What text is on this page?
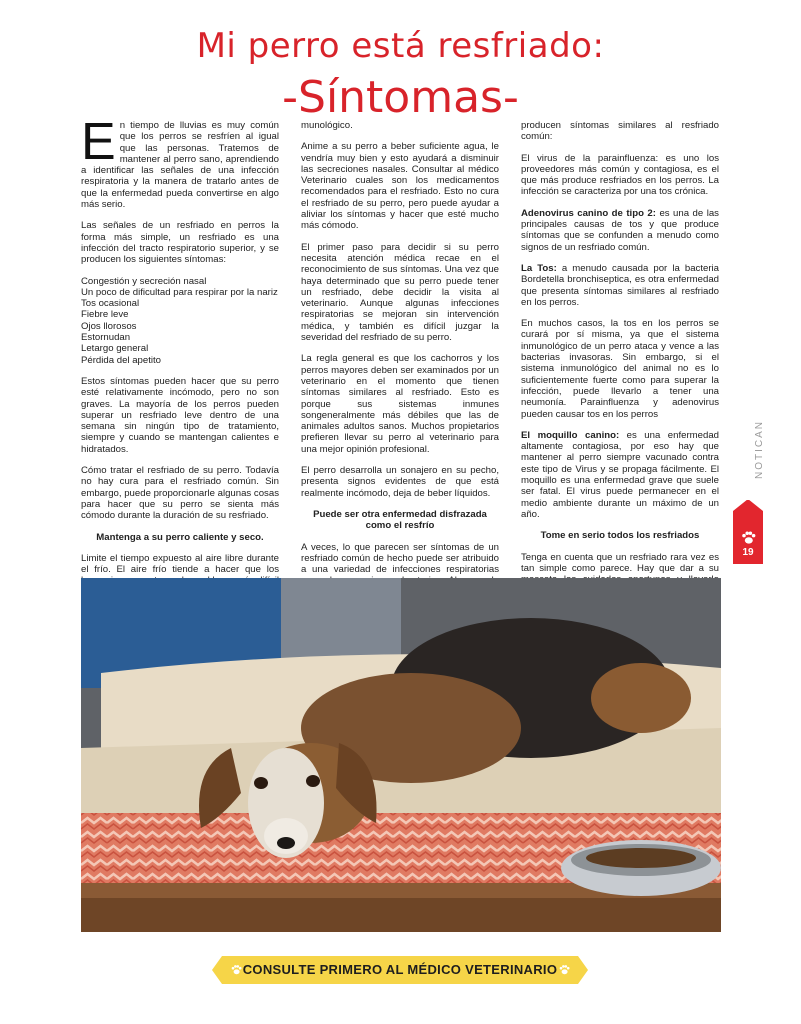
Mi perro está resfriado:
-Síntomas-

En tiempo de lluvias es muy común que los perros se resfríen al igual que las personas. Tratemos de mantener al perro sano, aprendiendo a identificar las señales de una infección respiratoria y la manera de tratarlo antes de que la enfermedad pueda convertirse en algo más serio.

Las señales de un resfriado en perros la forma más simple, un resfriado es una infección del tracto respiratorio superior, y se producen los siguientes síntomas:

Congestión y secreción nasal
Un poco de dificultad para respirar por la nariz
Tos ocasional
Fiebre leve
Ojos llorosos
Estornudan
Letargo general
Pérdida del apetito

Estos síntomas pueden hacer que su perro esté relativamente incómodo, pero no son graves. La mayoría de los perros pueden superar un resfriado leve dentro de una semana sin ningún tipo de tratamiento, siempre y cuando se mantengan calientes e hidratados.

Cómo tratar el resfriado de su perro. Todavía no hay cura para el resfriado común. Sin embargo, puede proporcionarle algunas cosas para hacer que su perro se sienta más cómodo durante la duración de su resfriado.

Mantenga a su perro caliente y seco.

Limite el tiempo expuesto al aire libre durante el frío. El aire frío tiende a hacer que los

munológico.

Anime a su perro a beber suficiente agua, le vendría muy bien y esto ayudará a disminuir las secreciones nasales. Consultar al médico Veterinario cuales son los medicamentos recomendados para el resfriado. Esto no cura el resfriado de su perro, pero puede ayudar a aliviar los síntomas y hacer que esté mucho más cómodo.

El primer paso para decidir si su perro necesita atención médica recae en el reconocimiento de sus síntomas. Una vez que haya determinado que su perro puede tener un resfriado, debe decidir la visita al veterinario. Aunque algunas infecciones respiratorias se mejoran sin intervención médica, y también es difícil juzgar la severidad del resfriado de su perro.

La regla general es que los cachorros y los perros mayores deben ser examinados por un veterinario en el momento que tienen síntomas similares al resfriado. Esto es porque sus sistemas inmunes songeneralmente más débiles que las de animales adultos sanos. Muchos propietarios prefieren llevar su perro al veterinario para una mejor opinión profesional.

El perro desarrolla un sonajero en su pecho, presenta signos evidentes de que está realmente incómodo, deja de beber líquidos.

Puede ser otra enfermedad disfrazada como el resfrío

A veces, lo que parecen ser síntomas de un resfriado común de hecho puede ser atribuido a una variedad de infecciones respiratorias

producen síntomas similares al resfriado común:

El virus de la parainfluenza: es uno los proveedores más común y contagiosa, es el que más produce resfriados en los perros. La infección se caracteriza por una tos crónica.

Adenovirus canino de tipo 2: es una de las principales causas de tos y que produce síntomas que se confunden a menudo como signos de un resfriado común.

La Tos: a menudo causada por la bacteria Bordetella bronchiseptica, es otra enfermedad que presenta síntomas similares al resfriado en los perros.

En muchos casos, la tos en los perros se curará por sí misma, ya que el sistema inmunológico de un perro ataca y vence a las bacterias invasoras. Sin embargo, si el sistema inmunológico del animal no es lo suficientemente fuerte como para superar la infección, puede llevarlo a tener una neumonía. Parainfluenza y adenovirus pueden causar tos en los perros

El moquillo canino: es una enfermedad altamente contagiosa, por eso hay que mantener al perro siempre vacunado contra este tipo de Virus y se propaga fácilmente. El moquillo es una enfermedad grave que suele ser fatal. El virus puede permanecer en el medio ambiente durante un máximo de un año.

Tome en serio todos los resfriados

Tenga en cuenta que un resfriado rara vez es tan simple como parece. Hay que dar a su

NOTICAN
19
CONSULTE PRIMERO AL MÉDICO VETERINARIO
